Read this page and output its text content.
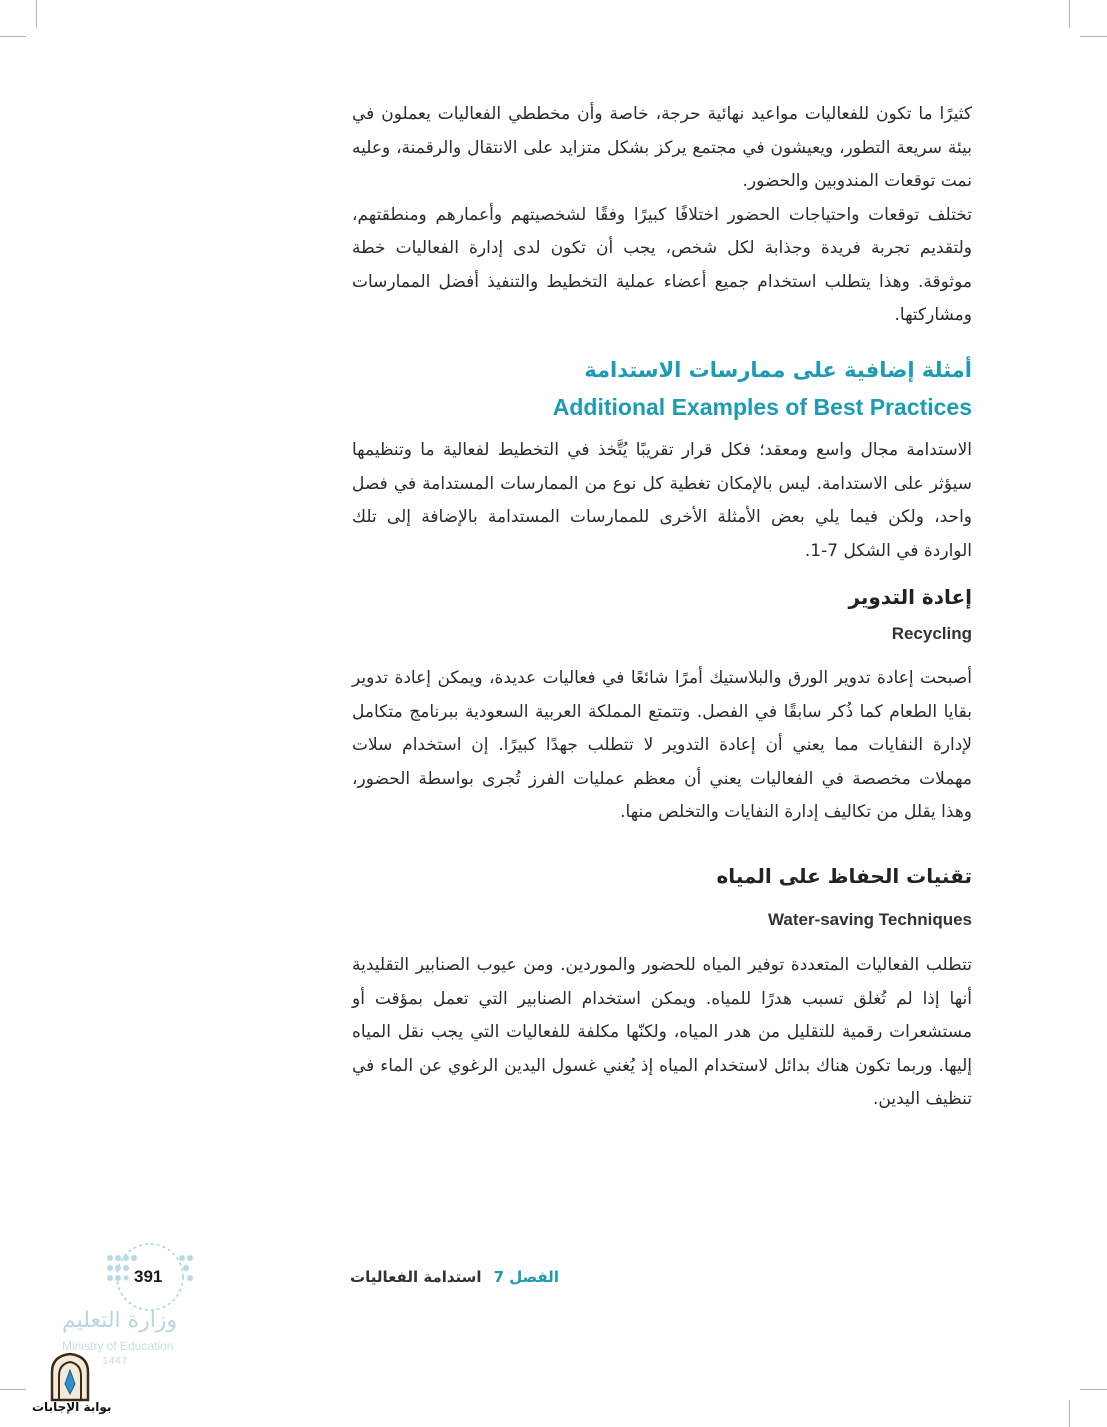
كثيرًا ما تكون للفعاليات مواعيد نهائية حرجة، خاصة وأن مخططي الفعاليات يعملون في بيئة سريعة التطور، ويعيشون في مجتمع يركز بشكل متزايد على الانتقال والرقمنة، وعليه نمت توقعات المندوبين والحضور.

تختلف توقعات واحتياجات الحضور اختلافًا كبيرًا وفقًا لشخصيتهم وأعمارهم ومنطقتهم، ولتقديم تجربة فريدة وجذابة لكل شخص، يجب أن تكون لدى إدارة الفعاليات خطة موثوقة. وهذا يتطلب استخدام جميع أعضاء عملية التخطيط والتنفيذ أفضل الممارسات ومشاركتها.

أمثلة إضافية على ممارسات الاستدامة
Additional Examples of Best Practices

الاستدامة مجال واسع ومعقد؛ فكل قرار تقريبًا يُتَّخذ في التخطيط لفعالية ما وتنظيمها سيؤثر على الاستدامة. ليس بالإمكان تغطية كل نوع من الممارسات المستدامة في فصل واحد، ولكن فيما يلي بعض الأمثلة الأخرى للممارسات المستدامة بالإضافة إلى تلك الواردة في الشكل 7-1.

إعادة التدوير
Recycling

أصبحت إعادة تدوير الورق والبلاستيك أمرًا شائعًا في فعاليات عديدة، ويمكن إعادة تدوير بقايا الطعام كما ذُكر سابقًا في الفصل. وتتمتع المملكة العربية السعودية ببرنامج متكامل لإدارة النفايات مما يعني أن إعادة التدوير لا تتطلب جهدًا كبيرًا. إن استخدام سلات مهملات مخصصة في الفعاليات يعني أن معظم عمليات الفرز تُجرى بواسطة الحضور، وهذا يقلل من تكاليف إدارة النفايات والتخلص منها.

تقنيات الحفاظ على المياه
Water-saving Techniques

تتطلب الفعاليات المتعددة توفير المياه للحضور والموردين. ومن عيوب الصنابير التقليدية أنها إذا لم تُغلق تسبب هدرًا للمياه. ويمكن استخدام الصنابير التي تعمل بمؤقت أو مستشعرات رقمية للتقليل من هدر المياه، ولكنّها مكلفة للفعاليات التي يجب نقل المياه إليها. وربما تكون هناك بدائل لاستخدام المياه إذ يُغني غسول اليدين الرغوي عن الماء في تنظيف اليدين.

الفصل 7
استدامة الفعاليات
391
وزارة التعليم
Ministry of Education
1447
بوابة الإجابات
